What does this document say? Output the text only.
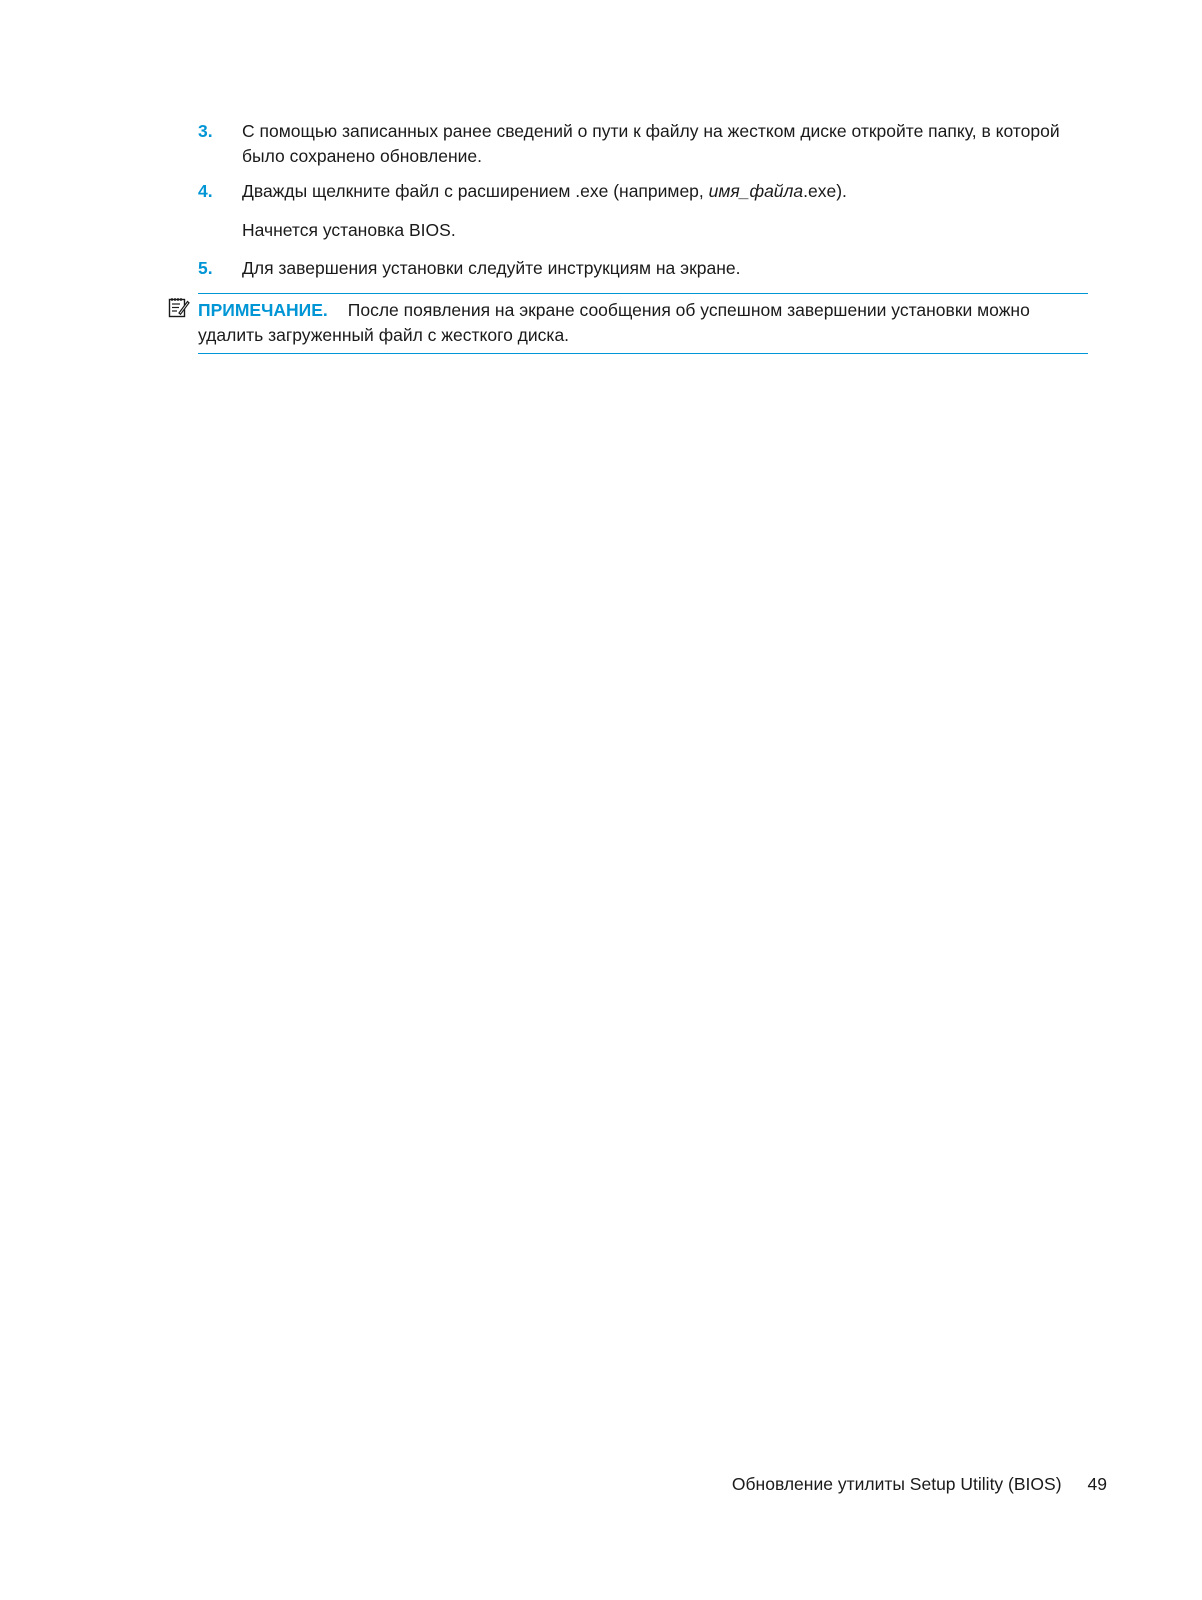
3. С помощью записанных ранее сведений о пути к файлу на жестком диске откройте папку, в которой было сохранено обновление.
4. Дважды щелкните файл с расширением .exe (например, имя_файла.exe).
Начнется установка BIOS.
5. Для завершения установки следуйте инструкциям на экране.
ПРИМЕЧАНИЕ. После появления на экране сообщения об успешном завершении установки можно удалить загруженный файл с жесткого диска.
Обновление утилиты Setup Utility (BIOS) 49
